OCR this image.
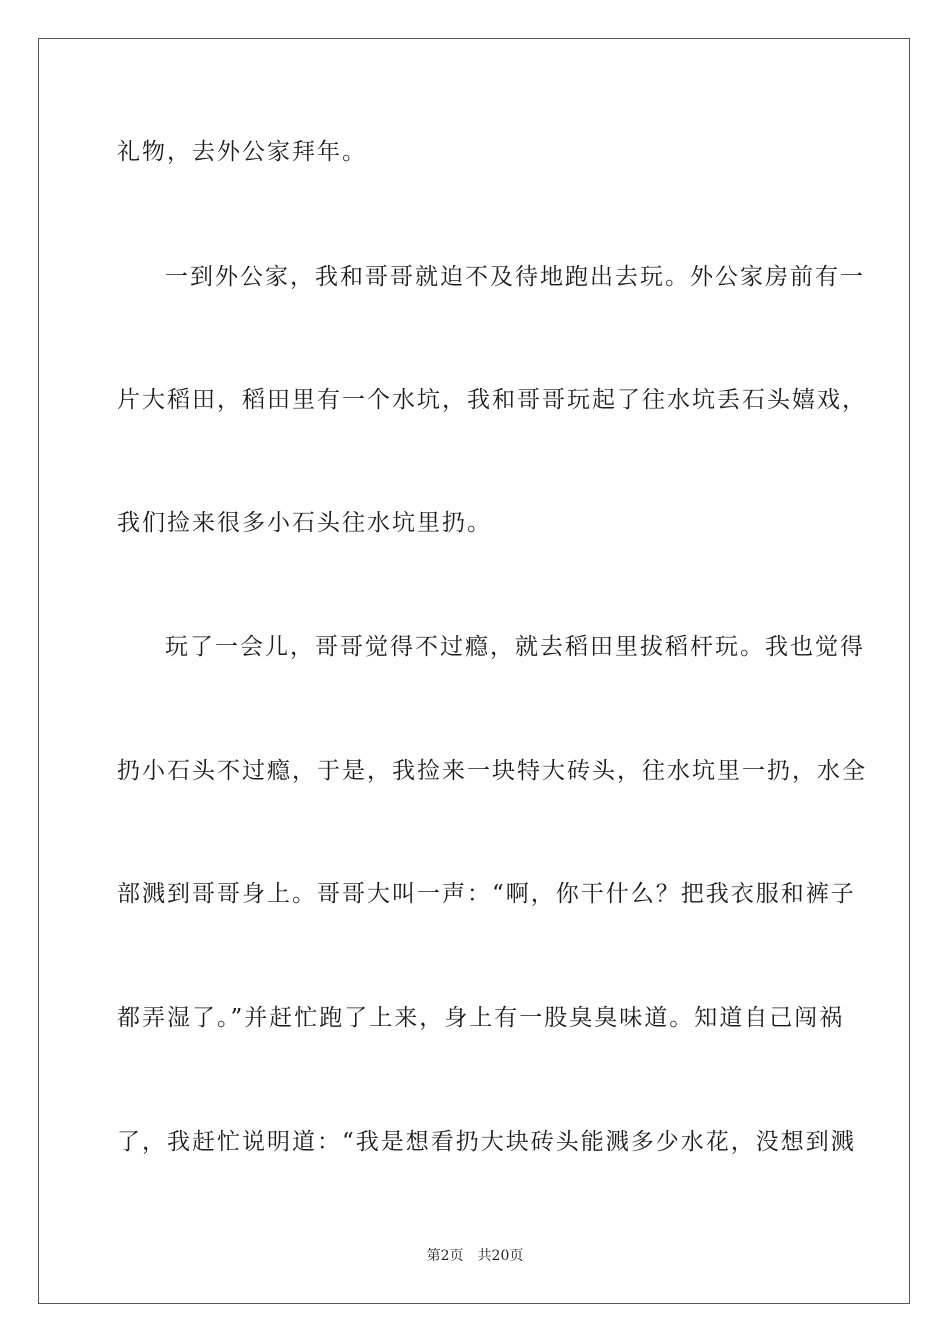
礼物，去外公家拜年。
一到外公家，我和哥哥就迫不及待地跑出去玩。外公家房前有一
片大稻田，稻田里有一个水坑，我和哥哥玩起了往水坑丢石头嬉戏，
我们捡来很多小石头往水坑里扔。
玩了一会儿，哥哥觉得不过瘾，就去稻田里拔稻杆玩。我也觉得
扔小石头不过瘾，于是，我捡来一块特大砖头，往水坑里一扔，水全
部溅到哥哥身上。哥哥大叫一声：“啊，你干什么？把我衣服和裤子
都弄湿了。”并赶忙跑了上来，身上有一股臭臭味道。知道自己闯祸
了，我赶忙说明道：“我是想看扔大块砖头能溅多少水花，没想到溅
第2页 共20页
